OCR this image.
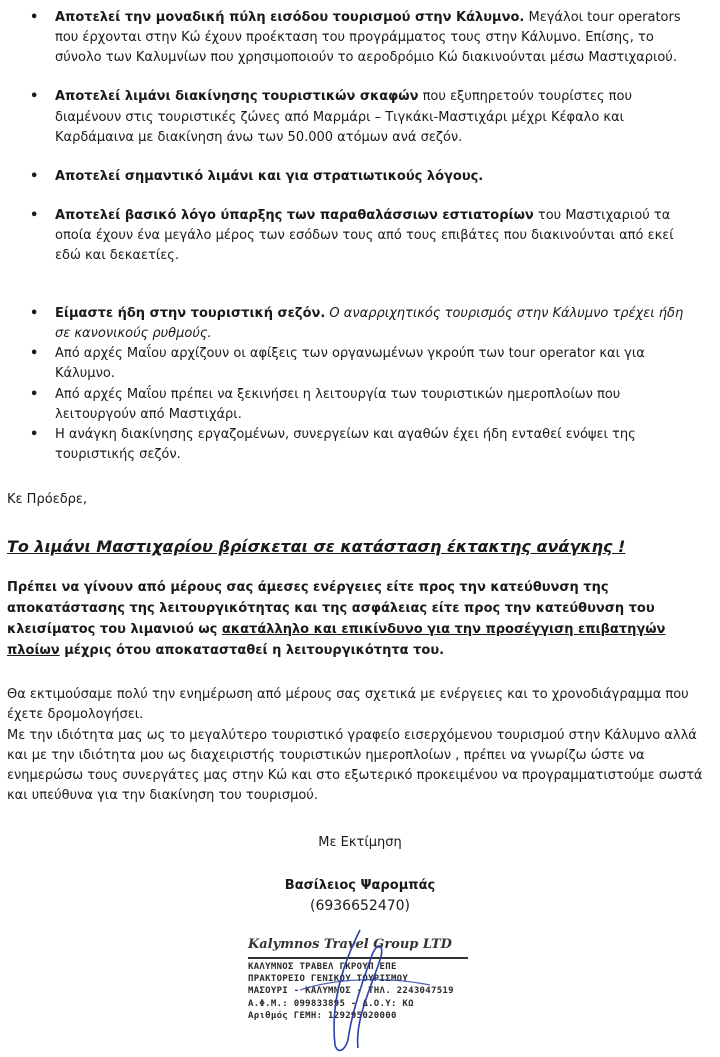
• Αποτελεί την μοναδική πύλη εισόδου τουρισμού στην Κάλυμνο. Μεγάλοι tour operators που έρχονται στην Κώ έχουν προέκταση του προγράμματος τους στην Κάλυμνο. Επίσης, το σύνολο των Καλυμνίων που χρησιμοποιούν το αεροδρόμιο Κώ διακινούνται μέσω Μαστιχαριού.
• Αποτελεί λιμάνι διακίνησης τουριστικών σκαφών που εξυπηρετούν τουρίστες που διαμένουν στις τουριστικές ζώνες από Μαρμάρι – Τιγκάκι-Μαστιχάρι μέχρι Κέφαλο και Καρδάμαινα με διακίνηση άνω των 50.000 ατόμων ανά σεζόν.
• Αποτελεί σημαντικό λιμάνι και για στρατιωτικούς λόγους.
• Αποτελεί βασικό λόγο ύπαρξης των παραθαλάσσιων εστιατορίων του Μαστιχαριού τα οποία έχουν ένα μεγάλο μέρος των εσόδων τους από τους επιβάτες που διακινούνται από εκεί εδώ και δεκαετίες.
• Είμαστε ήδη στην τουριστική σεζόν. Ο αναρριχητικός τουρισμός στην Κάλυμνο τρέχει ήδη σε κανονικούς ρυθμούς.
• Από αρχές Μαΐου αρχίζουν οι αφίξεις των οργανωμένων γκρούπ των tour operator και για Κάλυμνο.
• Από αρχές Μαΐου πρέπει να ξεκινήσει η λειτουργία των τουριστικών ημεροπλοίων που λειτουργούν από Μαστιχάρι.
• Η ανάγκη διακίνησης εργαζομένων, συνεργείων και αγαθών έχει ήδη ενταθεί ενόψει της τουριστικής σεζόν.
Κε Πρόεδρε,
Το λιμάνι Μαστιχαρίου βρίσκεται σε κατάσταση έκτακτης ανάγκης !
Πρέπει να γίνουν από μέρους σας άμεσες ενέργειες είτε προς την κατεύθυνση της αποκατάστασης της λειτουργικότητας και της ασφάλειας είτε προς την κατεύθυνση του κλεισίματος του λιμανιού ως ακατάλληλο και επικίνδυνο για την προσέγγιση επιβατηγών πλοίων μέχρις ότου αποκατασταθεί η λειτουργικότητα του.
Θα εκτιμούσαμε πολύ την ενημέρωση από μέρους σας σχετικά με ενέργειες και το χρονοδιάγραμμα που έχετε δρομολογήσει.
Με την ιδιότητα μας ως το μεγαλύτερο τουριστικό γραφείο εισερχόμενου τουρισμού στην Κάλυμνο αλλά και με την ιδιότητα μου ως διαχειριστής τουριστικών ημεροπλοίων , πρέπει να γνωρίζω ώστε να ενημερώσω τους συνεργάτες μας στην Κώ και στο εξωτερικό προκειμένου να προγραμματιστούμε σωστά και υπεύθυνα για την διακίνηση του τουρισμού.
Με Εκτίμηση
Βασίλειος Ψαρομπάς
(6936652470)
Kalymnos Travel Group LTD
ΚΑΛΥΜΝΟΣ ΤΡΑΒΕΛ ΓΚΡΟΥΠ ΕΠΕ
ΠΡΑΚΤΟΡΕΙΟ ΓΕΝΙΚΟΥ ΤΟΥΡΙΣΜΟΥ
ΜΑΣΟΥΡΙ - ΚΑΛΥΜΝΟΣ - ΤΗΛ. 2243047519
Α.Φ.Μ.: 099833895 - Δ.Ο.Υ: ΚΩ
Αριθμός ΓΕΜΗ: 129295020000
